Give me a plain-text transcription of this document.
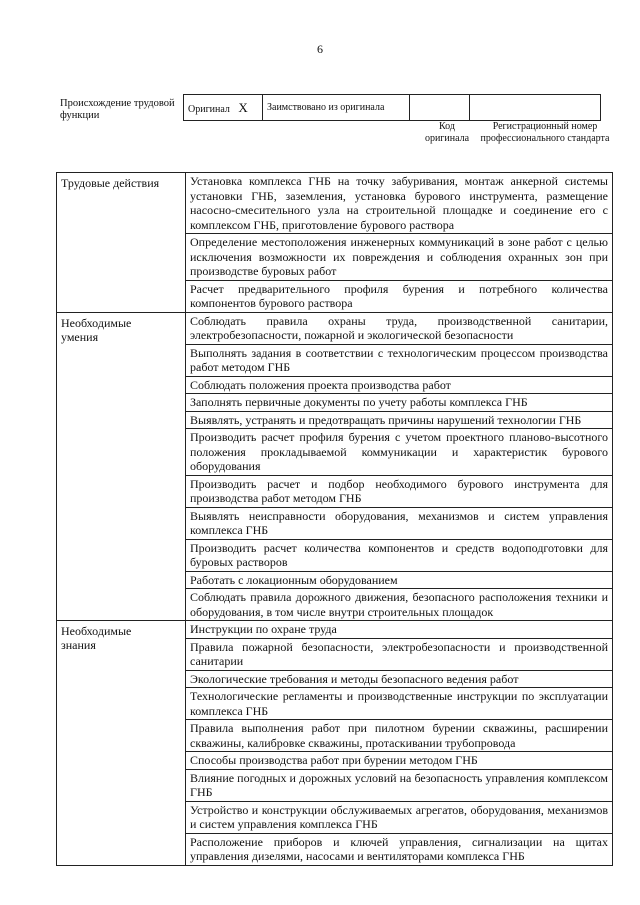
6
Происхождение трудовой функции
Оригинал X	Заимствовано из оригинала		
Код оригинала
Регистрационный номер профессионального стандарта
Трудовые действия	Установка комплекса ГНБ на точку забуривания, монтаж анкерной системы установки ГНБ, заземления, установка бурового инструмента, размещение насосно-смесительного узла на строительной площадке и соединение его с комплексом ГНБ, приготовление бурового раствора
	Определение местоположения инженерных коммуникаций в зоне работ с целью исключения возможности их повреждения и соблюдения охранных зон при производстве буровых работ
	Расчет предварительного профиля бурения и потребного количества компонентов бурового раствора
Необходимые
умения	Соблюдать правила охраны труда, производственной санитарии, электробезопасности, пожарной и экологической безопасности
	Выполнять задания в соответствии с технологическим процессом производства работ методом ГНБ
	Соблюдать положения проекта производства работ
	Заполнять первичные документы по учету работы комплекса ГНБ
	Выявлять, устранять и предотвращать причины нарушений технологии ГНБ
	Производить расчет профиля бурения с учетом проектного планово-высотного положения прокладываемой коммуникации и характеристик бурового оборудования
	Производить расчет и подбор необходимого бурового инструмента для производства работ методом ГНБ
	Выявлять неисправности оборудования, механизмов и систем управления комплекса ГНБ
	Производить расчет количества компонентов и средств водоподготовки для буровых растворов
	Работать с локационным оборудованием
	Соблюдать правила дорожного движения, безопасного расположения техники и оборудования, в том числе внутри строительных площадок
Необходимые
знания	Инструкции по охране труда
	Правила пожарной безопасности, электробезопасности и производственной санитарии
	Экологические требования и методы безопасного ведения работ
	Технологические регламенты и производственные инструкции по эксплуатации комплекса ГНБ
	Правила выполнения работ при пилотном бурении скважины, расширении скважины, калибровке скважины, протаскивании трубопровода
	Способы производства работ при бурении методом ГНБ
	Влияние погодных и дорожных условий на безопасность управления комплексом ГНБ
	Устройство и конструкции обслуживаемых агрегатов, оборудования, механизмов и систем управления комплекса ГНБ
	Расположение приборов и ключей управления, сигнализации на щитах управления дизелями, насосами и вентиляторами комплекса ГНБ
